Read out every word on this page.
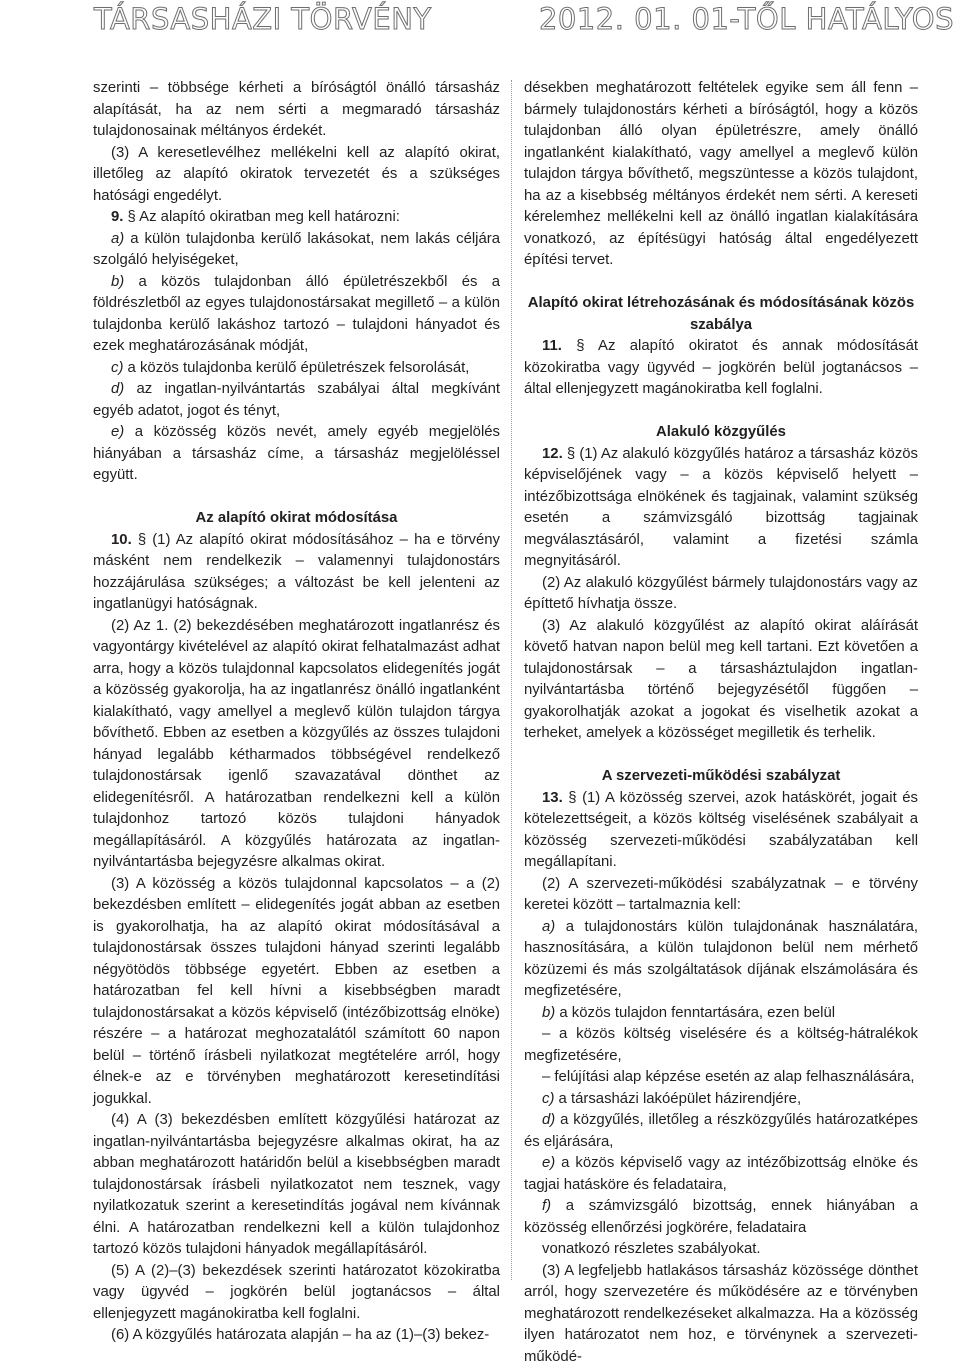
TÁRSASHÁZI TÖRVÉNY	2012. 01. 01-TŐL HATÁLYOS

szerinti – többsége kérheti a bíróságtól önálló társasház alapítását, ha az nem sérti a megmaradó társasház tulajdonosainak méltányos érdekét.

(3) A keresetlevélhez mellékelni kell az alapító okirat, illetőleg az alapító okiratok tervezetét és a szükséges hatósági engedélyt.

9. § Az alapító okiratban meg kell határozni:

a) a külön tulajdonba kerülő lakásokat, nem lakás céljára szolgáló helyiségeket,

b) a közös tulajdonban álló épületrészekből és a földrészletből az egyes tulajdonostársakat megillető – a külön tulajdonba kerülő lakáshoz tartozó – tulajdoni hányadot és ezek meghatározásának módját,

c) a közös tulajdonba kerülő épületrészek felsorolását,

d) az ingatlan-nyilvántartás szabályai által megkívánt egyéb adatot, jogot és tényt,

e) a közösség közös nevét, amely egyéb megjelölés hiányában a társasház címe, a társasház megjelöléssel együtt.

Az alapító okirat módosítása

10. § (1) Az alapító okirat módosításához – ha e törvény másként nem rendelkezik – valamennyi tulajdonostárs hozzájárulása szükséges; a változást be kell jelenteni az ingatlanügyi hatóságnak.

(2) Az 1. (2) bekezdésében meghatározott ingatlanrész és vagyontárgy kivételével az alapító okirat felhatalmazást adhat arra, hogy a közös tulajdonnal kapcsolatos elidegenítés jogát a közösség gyakorolja, ha az ingatlanrész önálló ingatlanként kialakítható, vagy amellyel a meglevő külön tulajdon tárgya bővíthető. Ebben az esetben a közgyűlés az összes tulajdoni hányad legalább kétharmados többségével rendelkező tulajdonostársak igenlő szavazatával dönthet az elidegenítésről. A határozatban rendelkezni kell a külön tulajdonhoz tartozó közös tulajdoni hányadok megállapításáról. A közgyűlés határozata az ingatlan-nyilvántartásba bejegyzésre alkalmas okirat.

(3) A közösség a közös tulajdonnal kapcsolatos – a (2) bekezdésben említett – elidegenítés jogát abban az esetben is gyakorolhatja, ha az alapító okirat módosításával a tulajdonostársak összes tulajdoni hányad szerinti legalább négyötödös többsége egyetért. Ebben az esetben a határozatban fel kell hívni a kisebbségben maradt tulajdonostársakat a közös képviselő (intézőbizottság elnöke) részére – a határozat meghozatalától számított 60 napon belül – történő írásbeli nyilatkozat megtételére arról, hogy élnek-e az e törvényben meghatározott keresetindítási jogukkal.

(4) A (3) bekezdésben említett közgyűlési határozat az ingatlan-nyilvántartásba bejegyzésre alkalmas okirat, ha az abban meghatározott határidőn belül a kisebbségben maradt tulajdonostársak írásbeli nyilatkozatot nem tesznek, vagy nyilatkozatuk szerint a keresetindítás jogával nem kívánnak élni. A határozatban rendelkezni kell a külön tulajdonhoz tartozó közös tulajdoni hányadok megállapításáról.

(5) A (2)–(3) bekezdések szerinti határozatot közokiratba vagy ügyvéd – jogkörén belül jogtanácsos – által ellenjegyzett magánokiratba kell foglalni.

(6) A közgyűlés határozata alapján – ha az (1)–(3) bekez-

désekben meghatározott feltételek egyike sem áll fenn – bármely tulajdonostárs kérheti a bíróságtól, hogy a közös tulajdonban álló olyan épületrészre, amely önálló ingatlanként kialakítható, vagy amellyel a meglevő külön tulajdon tárgya bővíthető, megszüntesse a közös tulajdont, ha az a kisebbség méltányos érdekét nem sérti. A kereseti kérelemhez mellékelni kell az önálló ingatlan kialakítására vonatkozó, az építésügyi hatóság által engedélyezett építési tervet.

Alapító okirat létrehozásának és módosításának közös szabálya

11. § Az alapító okiratot és annak módosítását közokiratba vagy ügyvéd – jogkörén belül jogtanácsos – által ellenjegyzett magánokiratba kell foglalni.

Alakuló közgyűlés

12. § (1) Az alakuló közgyűlés határoz a társasház közös képviselőjének vagy – a közös képviselő helyett – intézőbizottsága elnökének és tagjainak, valamint szükség esetén a számvizsgáló bizottság tagjainak megválasztásáról, valamint a fizetési számla megnyitásáról.

(2) Az alakuló közgyűlést bármely tulajdonostárs vagy az építtető hívhatja össze.

(3) Az alakuló közgyűlést az alapító okirat aláírását követő hatvan napon belül meg kell tartani. Ezt követően a tulajdonostársak – a társasháztulajdon ingatlan-nyilvántartásba történő bejegyzésétől függően – gyakorolhatják azokat a jogokat és viselhetik azokat a terheket, amelyek a közösséget megilletik és terhelik.

A szervezeti-működési szabályzat

13. § (1) A közösség szervei, azok hatáskörét, jogait és kötelezettségeit, a közös költség viselésének szabályait a közösség szervezeti-működési szabályzatában kell megállapítani.

(2) A szervezeti-működési szabályzatnak – e törvény keretei között – tartalmaznia kell:

a) a tulajdonostárs külön tulajdonának használatára, hasznosítására, a külön tulajdonon belül nem mérhető közüzemi és más szolgáltatások díjának elszámolására és megfizetésére,

b) a közös tulajdon fenntartására, ezen belül

– a közös költség viselésére és a költség-hátralékok megfizetésére,

– felújítási alap képzése esetén az alap felhasználására,

c) a társasházi lakóépület házirendjére,

d) a közgyűlés, illetőleg a részközgyűlés határozatképes és eljárására,

e) a közös képviselő vagy az intézőbizottság elnöke és tagjai hatásköre és feladataira,

f) a számvizsgáló bizottság, ennek hiányában a közösség ellenőrzési jogkörére, feladataira

vonatkozó részletes szabályokat.

(3) A legfeljebb hatlakásos társasház közössége dönthet arról, hogy szervezetére és működésére az e törvényben meghatározott rendelkezéseket alkalmazza. Ha a közösség ilyen határozatot nem hoz, e törvénynek a szervezeti-működé-
